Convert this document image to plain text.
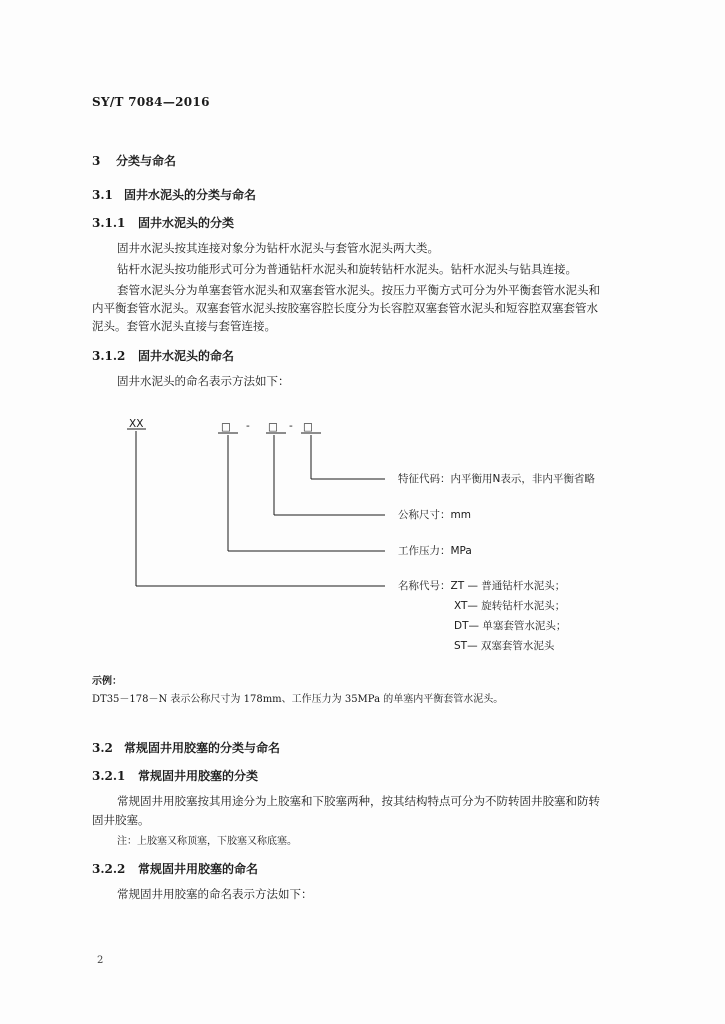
SY/T 7084—2016
3 分类与命名
3.1 固井水泥头的分类与命名
3.1.1 固井水泥头的分类
固井水泥头按其连接对象分为钻杆水泥头与套管水泥头两大类。
钻杆水泥头按功能形式可分为普通钻杆水泥头和旋转钻杆水泥头。钻杆水泥头与钻具连接。
套管水泥头分为单塞套管水泥头和双塞套管水泥头。按压力平衡方式可分为外平衡套管水泥头和
内平衡套管水泥头。双塞套管水泥头按胶塞容腔长度分为长容腔双塞套管水泥头和短容腔双塞套管水
泥头。套管水泥头直接与套管连接。
3.1.2 固井水泥头的命名
固井水泥头的命名表示方法如下：
XX	□ - □ - □
特征代码：内平衡用N表示，非内平衡省略
公称尺寸：mm
工作压力：MPa
名称代号：ZT — 普通钻杆水泥头；
XT— 旋转钻杆水泥头；
DT— 单塞套管水泥头；
ST— 双塞套管水泥头
示例：
DT35－178－N 表示公称尺寸为 178mm、工作压力为 35MPa 的单塞内平衡套管水泥头。
3.2 常规固井用胶塞的分类与命名
3.2.1 常规固井用胶塞的分类
常规固井用胶塞按其用途分为上胶塞和下胶塞两种，按其结构特点可分为不防转固井胶塞和防转
固井胶塞。
注：上胶塞又称顶塞，下胶塞又称底塞。
3.2.2 常规固井用胶塞的命名
常规固井用胶塞的命名表示方法如下：
2
